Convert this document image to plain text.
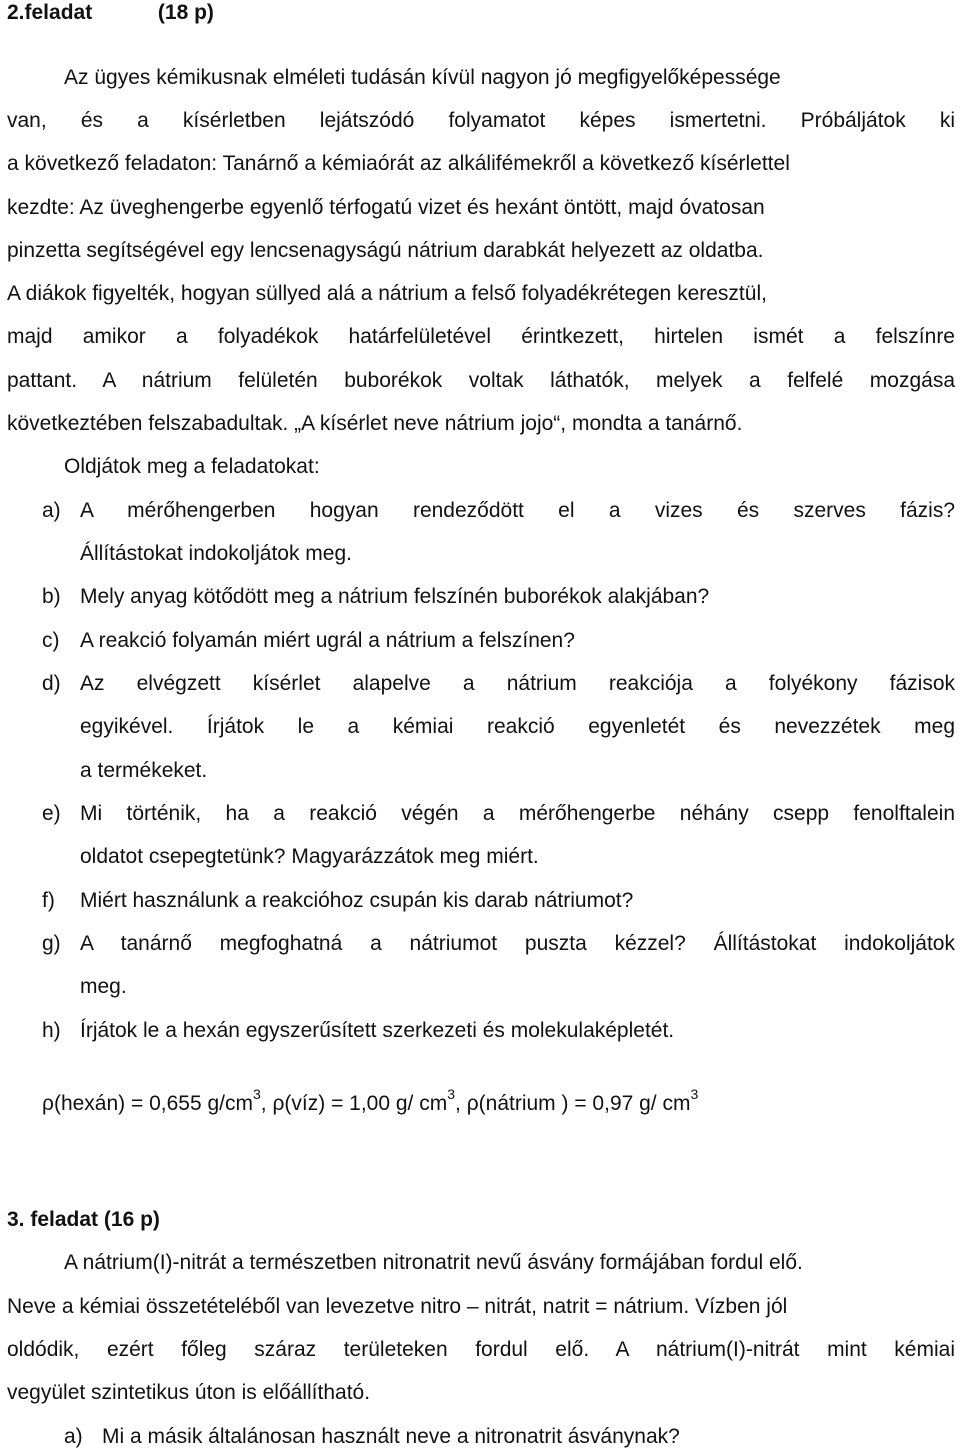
2.feladat	(18 p)
Az ügyes kémikusnak elméleti tudásán kívül nagyon jó megfigyelőképessége
van, és a kísérletben lejátszódó folyamatot képes ismertetni. Próbáljátok ki
a következő feladaton: Tanárnő a kémiaórát az alkálifémekről a következő kísérlettel
kezdte: Az üveghengerbe egyenlő térfogatú vizet és hexánt öntött, majd óvatosan
pinzetta segítségével egy lencsenagyságú nátrium darabkát helyezett az oldatba.
A diákok figyelték, hogyan süllyed alá a nátrium a felső folyadékrétegen keresztül,
majd amikor a folyadékok határfelületével érintkezett, hirtelen ismét a felszínre
pattant. A nátrium felületén buborékok voltak láthatók, melyek a felfelé mozgása
következtében felszabadultak. „A kísérlet neve nátrium jojo“, mondta a tanárnő.
Oldjátok meg a feladatokat:
a) A mérőhengerben hogyan rendeződött el a vizes és szerves fázis?
Állítástokat indokoljátok meg.
b) Mely anyag kötődött meg a nátrium felszínén buborékok alakjában?
c) A reakció folyamán miért ugrál a nátrium a felszínen?
d) Az elvégzett kísérlet alapelve a nátrium reakciója a folyékony fázisok
egyikével. Írjátok le a kémiai reakció egyenletét és nevezzétek meg
a termékeket.
e) Mi történik, ha a reakció végén a mérőhengerbe néhány csepp fenolftalein
oldatot csepegtetünk? Magyarázzátok meg miért.
f) Miért használunk a reakcióhoz csupán kis darab nátriumot?
g) A tanárnő megfoghatná a nátriumot puszta kézzel? Állítástokat indokoljátok
meg.
h) Írjátok le a hexán egyszerűsített szerkezeti és molekulaképletét.
ρ(hexán) = 0,655 $g/cm^3$, ρ(víz) = 1,00 g/ $cm^3$, ρ(nátrium ) = 0,97 g/ $cm^3$
3. feladat (16 p)
A nátrium(I)-nitrát a természetben nitronatrit nevű ásvány formájában fordul elő.
Neve a kémiai összetételéből van levezetve nitro – nitrát, natrit = nátrium. Vízben jól
oldódik, ezért főleg száraz területeken fordul elő. A nátrium(I)-nitrát mint kémiai
vegyület szintetikus úton is előállítható.
a) Mi a másik általánosan használt neve a nitronatrit ásványnak?
